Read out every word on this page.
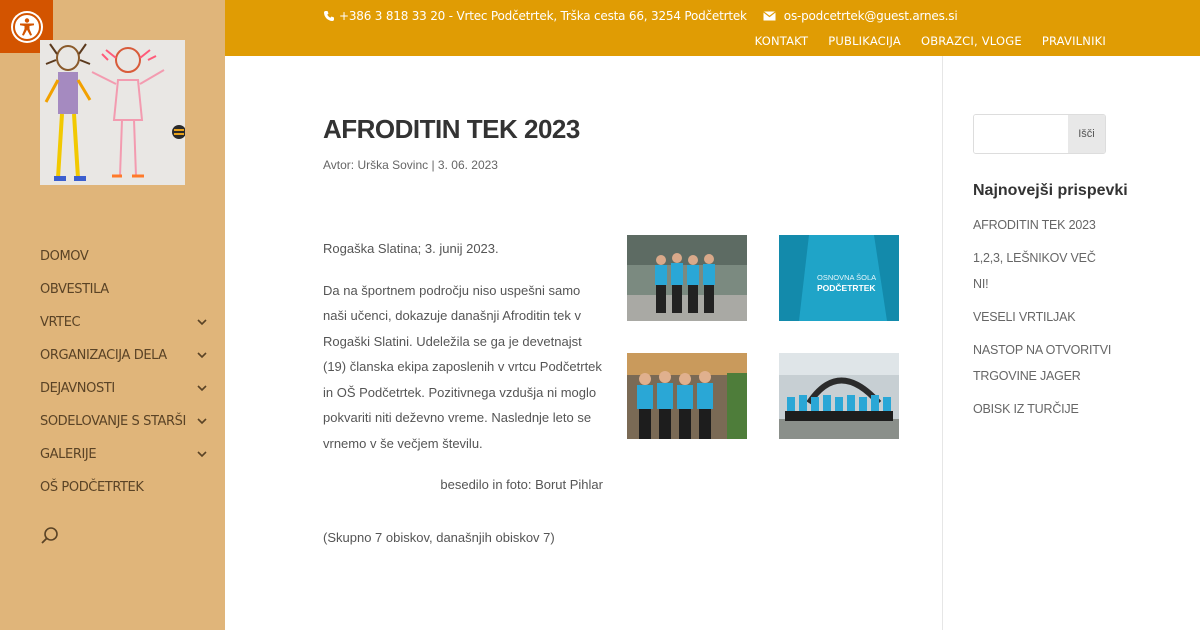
DOMOV
OBVESTILA
VRTEC
ORGANIZACIJA DELA
DEJAVNOSTI
SODELOVANJE S STARŠI
GALERIJE
OŠ PODČETRTEK
+386 3 818 33 20 - Vrtec Podčetrtek, Trška cesta 66, 3254 Podčetrtek	os-podcetrtek@guest.arnes.si
KONTAKT PUBLIKACIJA OBRAZCI, VLOGE PRAVILNIKI
AFRODITIN TEK 2023
Avtor: Urška Sovinc | 3. 06. 2023

Rogaška Slatina; 3. junij 2023.

Da na športnem področju niso uspešni samo naši učenci, dokazuje današnji Afroditin tek v Rogaški Slatini. Udeležila se ga je devetnajst (19) članska ekipa zaposlenih v vrtcu Podčetrtek in OŠ Podčetrtek. Pozitivnega vzdušja ni moglo pokvariti niti deževno vreme. Naslednje leto se vrnemo v še večjem številu.

besedilo in foto: Borut Pihlar

(Skupno 7 obiskov, današnjih obiskov 7)
OSNOVNA ŠOLA
PODČETRTEK
Išči
Najnovejši prispevki
AFRODITIN TEK 2023
1,2,3, LEŠNIKOV VEČ NI!
VESELI VRTILJAK
NASTOP NA OTVORITVI TRGOVINE JAGER
OBISK IZ TURČIJE
